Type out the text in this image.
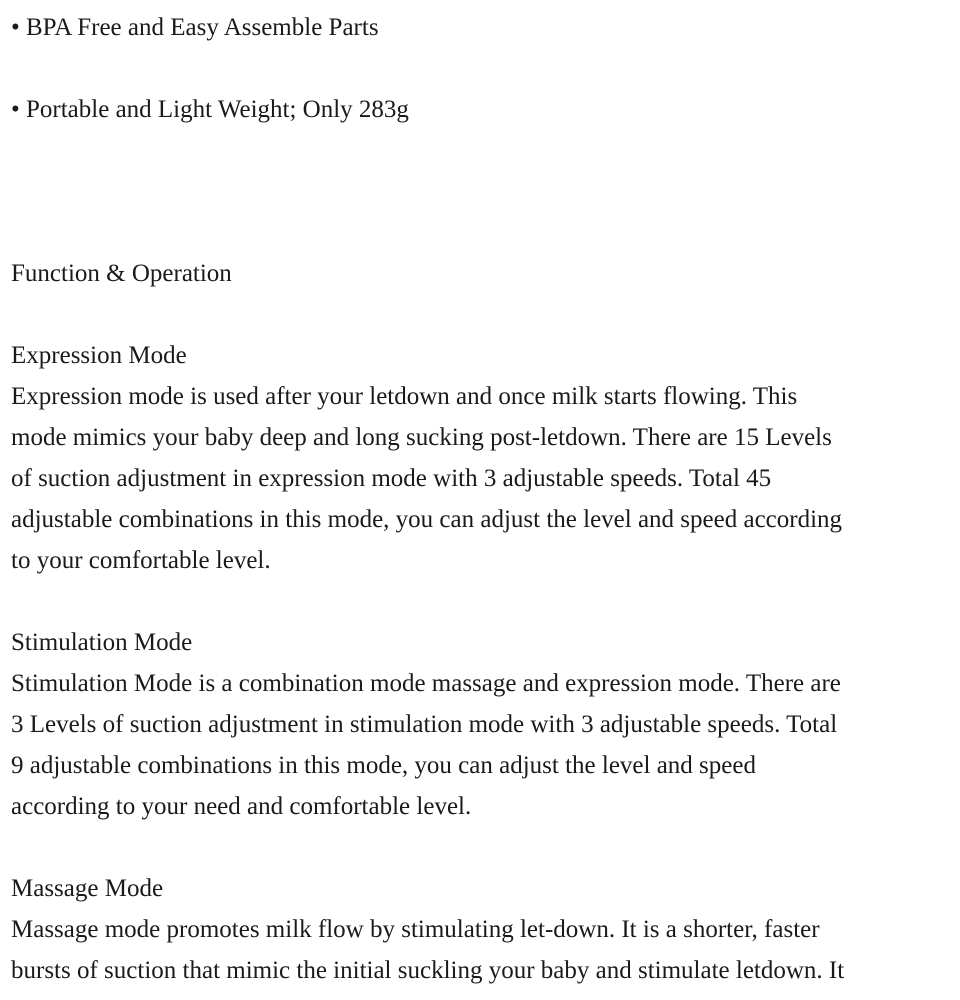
• BPA Free and Easy Assemble Parts

• Portable and Light Weight; Only 283g

Function & Operation

Expression Mode

Expression mode is used after your letdown and once milk starts flowing. This

mode mimics your baby deep and long sucking post-letdown. There are 15 Levels

of suction adjustment in expression mode with 3 adjustable speeds. Total 45

adjustable combinations in this mode, you can adjust the level and speed according

to your comfortable level.

Stimulation Mode

Stimulation Mode is a combination mode massage and expression mode. There are

3 Levels of suction adjustment in stimulation mode with 3 adjustable speeds. Total

9 adjustable combinations in this mode, you can adjust the level and speed

according to your need and comfortable level.

Massage Mode

Massage mode promotes milk flow by stimulating let-down. It is a shorter, faster

bursts of suction that mimic the initial suckling your baby and stimulate letdown. It
